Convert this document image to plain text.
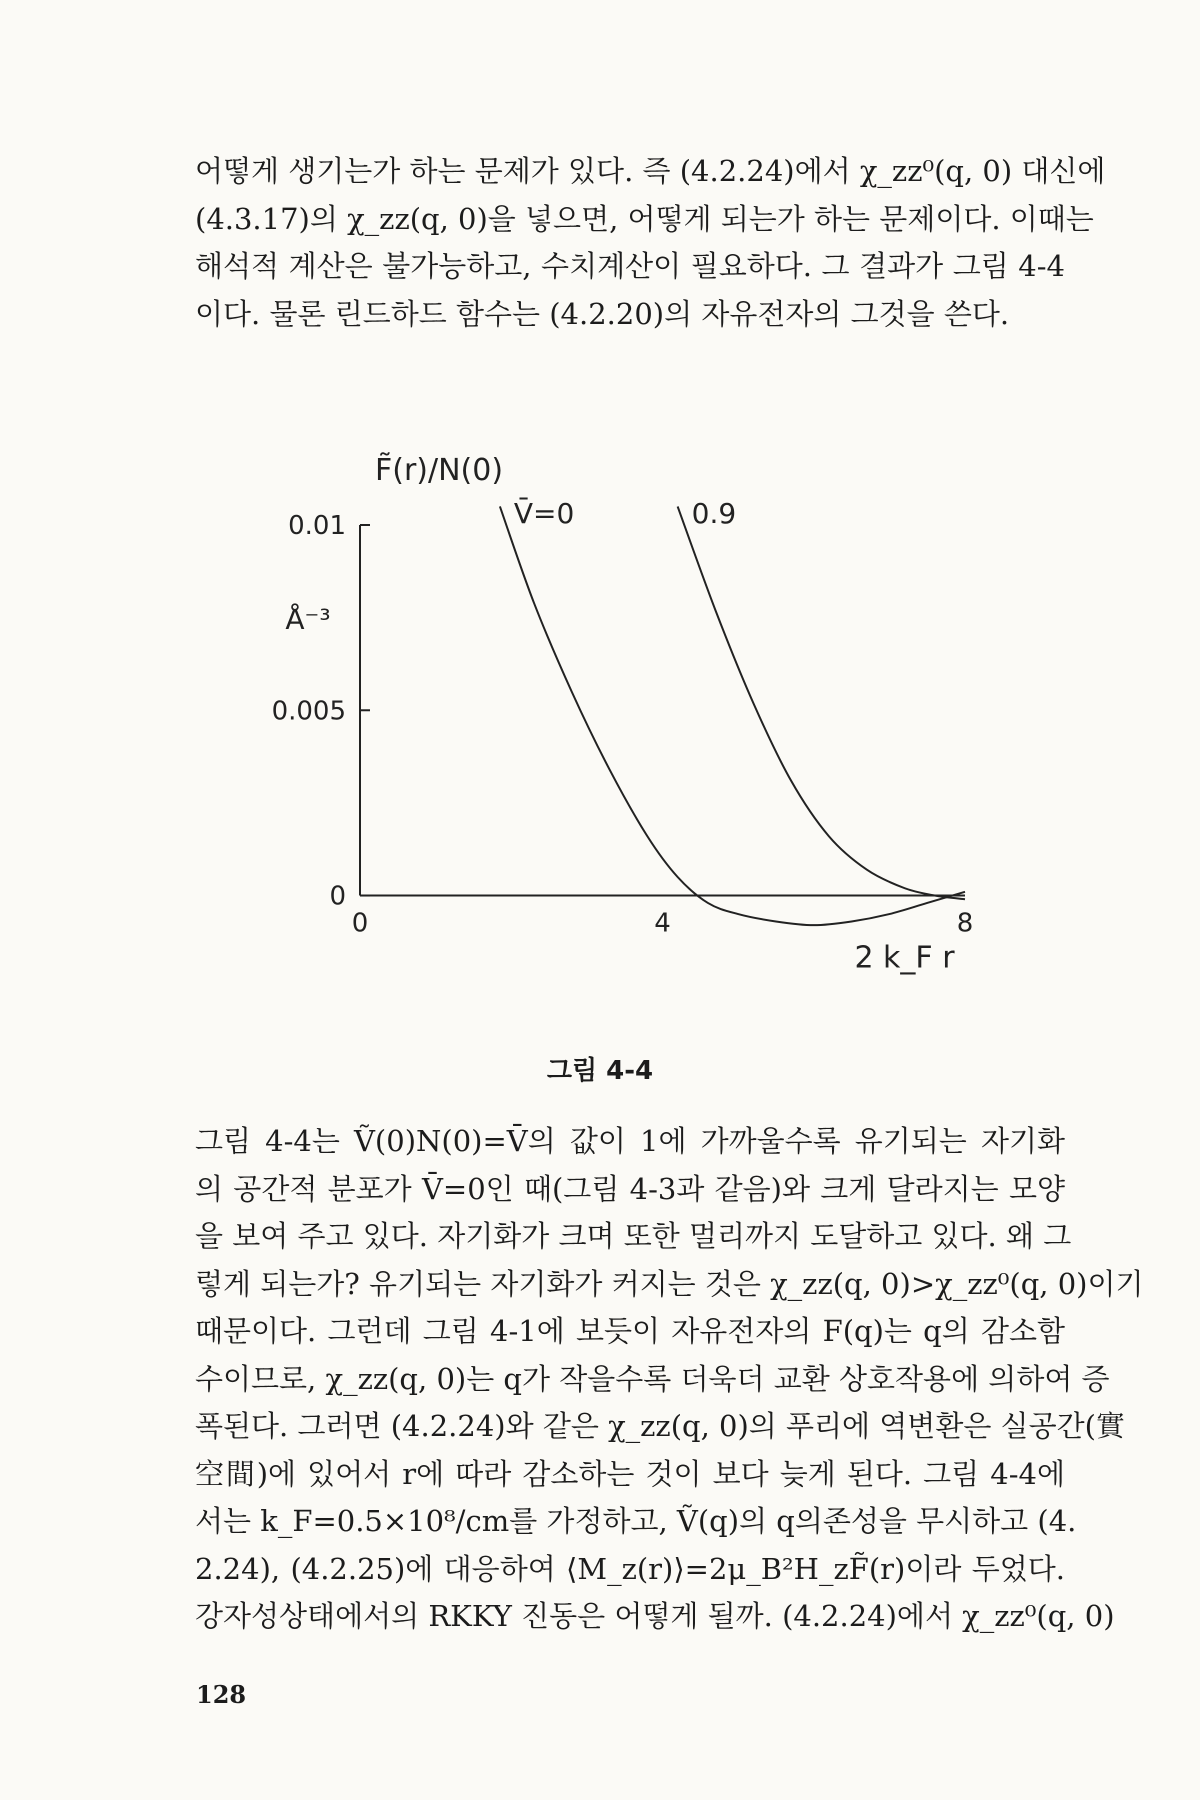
어떻게 생기는가 하는 문제가 있다. 즉 (4.2.24)에서 χ_zz⁰(q, 0) 대신에
(4.3.17)의 χ_zz(q, 0)을 넣으면, 어떻게 되는가 하는 문제이다. 이때는
해석적 계산은 불가능하고, 수치계산이 필요하다. 그 결과가 그림 4-4
이다. 물론 린드하드 함수는 (4.2.20)의 자유전자의 그것을 쓴다.
0
0.005
0.01
0	4	8
F̃(r)/N(0)
Å⁻³
2 k_F r
V̄=0	0.9
그림 4-4
그림 4-4는 Ṽ(0)N(0)=V̄의 값이 1에 가까울수록 유기되는 자기화
의 공간적 분포가 V̄=0인 때(그림 4-3과 같음)와 크게 달라지는 모양
을 보여 주고 있다. 자기화가 크며 또한 멀리까지 도달하고 있다. 왜 그
렇게 되는가? 유기되는 자기화가 커지는 것은 χ_zz(q, 0)>χ_zz⁰(q, 0)이기
때문이다. 그런데 그림 4-1에 보듯이 자유전자의 F(q)는 q의 감소함
수이므로, χ_zz(q, 0)는 q가 작을수록 더욱더 교환 상호작용에 의하여 증
폭된다. 그러면 (4.2.24)와 같은 χ_zz(q, 0)의 푸리에 역변환은 실공간(實
空間)에 있어서 r에 따라 감소하는 것이 보다 늦게 된다. 그림 4-4에
서는 k_F=0.5×10⁸/cm를 가정하고, Ṽ(q)의 q의존성을 무시하고 (4.
2.24), (4.2.25)에 대응하여 ⟨M_z(r)⟩=2μ_B²H_zF̃(r)이라 두었다.
강자성상태에서의 RKKY 진동은 어떻게 될까. (4.2.24)에서 χ_zz⁰(q, 0)
128
